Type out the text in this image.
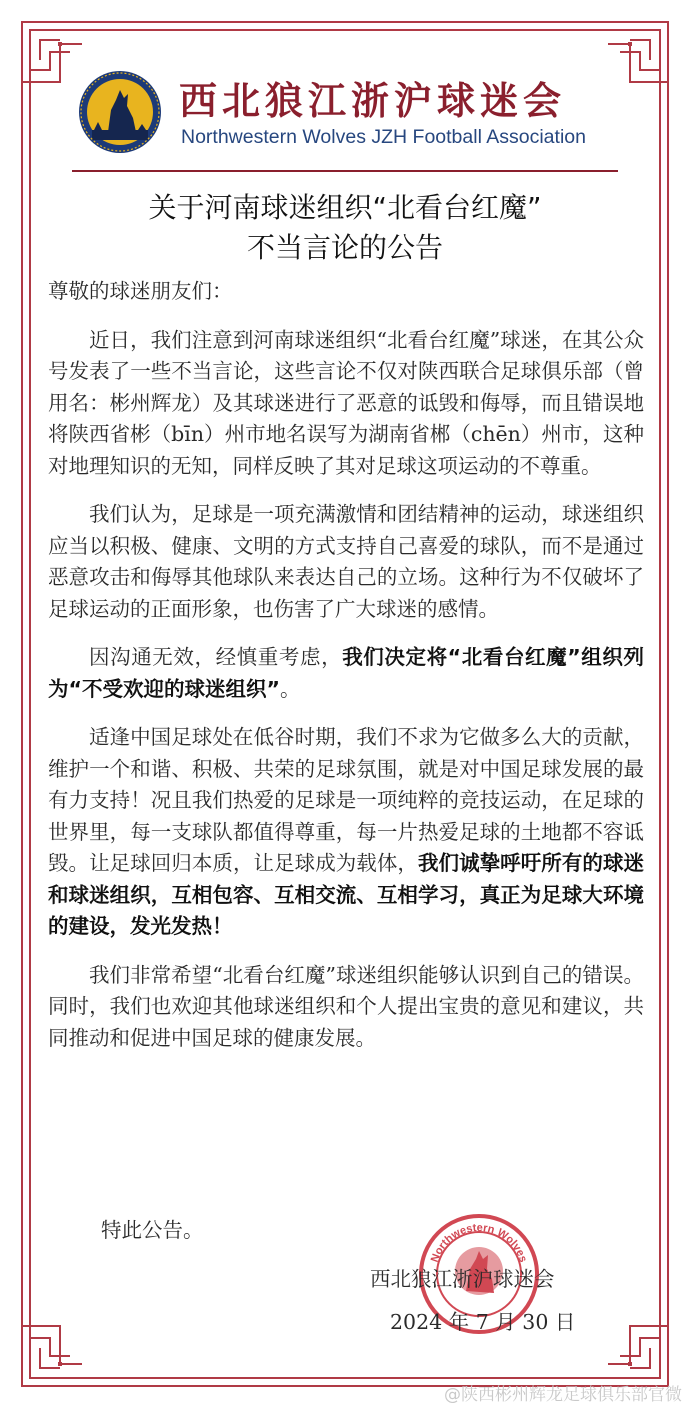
西北狼江浙沪球迷会
Northwestern Wolves JZH Football Association
关于河南球迷组织“北看台红魔”
不当言论的公告

尊敬的球迷朋友们：

近日，我们注意到河南球迷组织“北看台红魔”球迷，在其公众号发表了一些不当言论，这些言论不仅对陕西联合足球俱乐部（曾用名：彬州辉龙）及其球迷进行了恶意的诋毁和侮辱，而且错误地将陕西省彬（bīn）州市地名误写为湖南省郴（chēn）州市，这种对地理知识的无知，同样反映了其对足球这项运动的不尊重。

我们认为，足球是一项充满激情和团结精神的运动，球迷组织应当以积极、健康、文明的方式支持自己喜爱的球队，而不是通过恶意攻击和侮辱其他球队来表达自己的立场。这种行为不仅破坏了足球运动的正面形象，也伤害了广大球迷的感情。

因沟通无效，经慎重考虑，我们决定将“北看台红魔”组织列为“不受欢迎的球迷组织”。

适逢中国足球处在低谷时期，我们不求为它做多么大的贡献，维护一个和谐、积极、共荣的足球氛围，就是对中国足球发展的最有力支持！况且我们热爱的足球是一项纯粹的竞技运动，在足球的世界里，每一支球队都值得尊重，每一片热爱足球的土地都不容诋毁。让足球回归本质，让足球成为载体，我们诚挚呼吁所有的球迷和球迷组织，互相包容、互相交流、互相学习，真正为足球大环境的建设，发光发热！

我们非常希望“北看台红魔”球迷组织能够认识到自己的错误。同时，我们也欢迎其他球迷组织和个人提出宝贵的意见和建议，共同推动和促进中国足球的健康发展。

特此公告。
Northwestern Wolves
西北狼江浙沪球迷会
2024 年 7 月 30 日
@陕西彬州辉龙足球俱乐部官微
